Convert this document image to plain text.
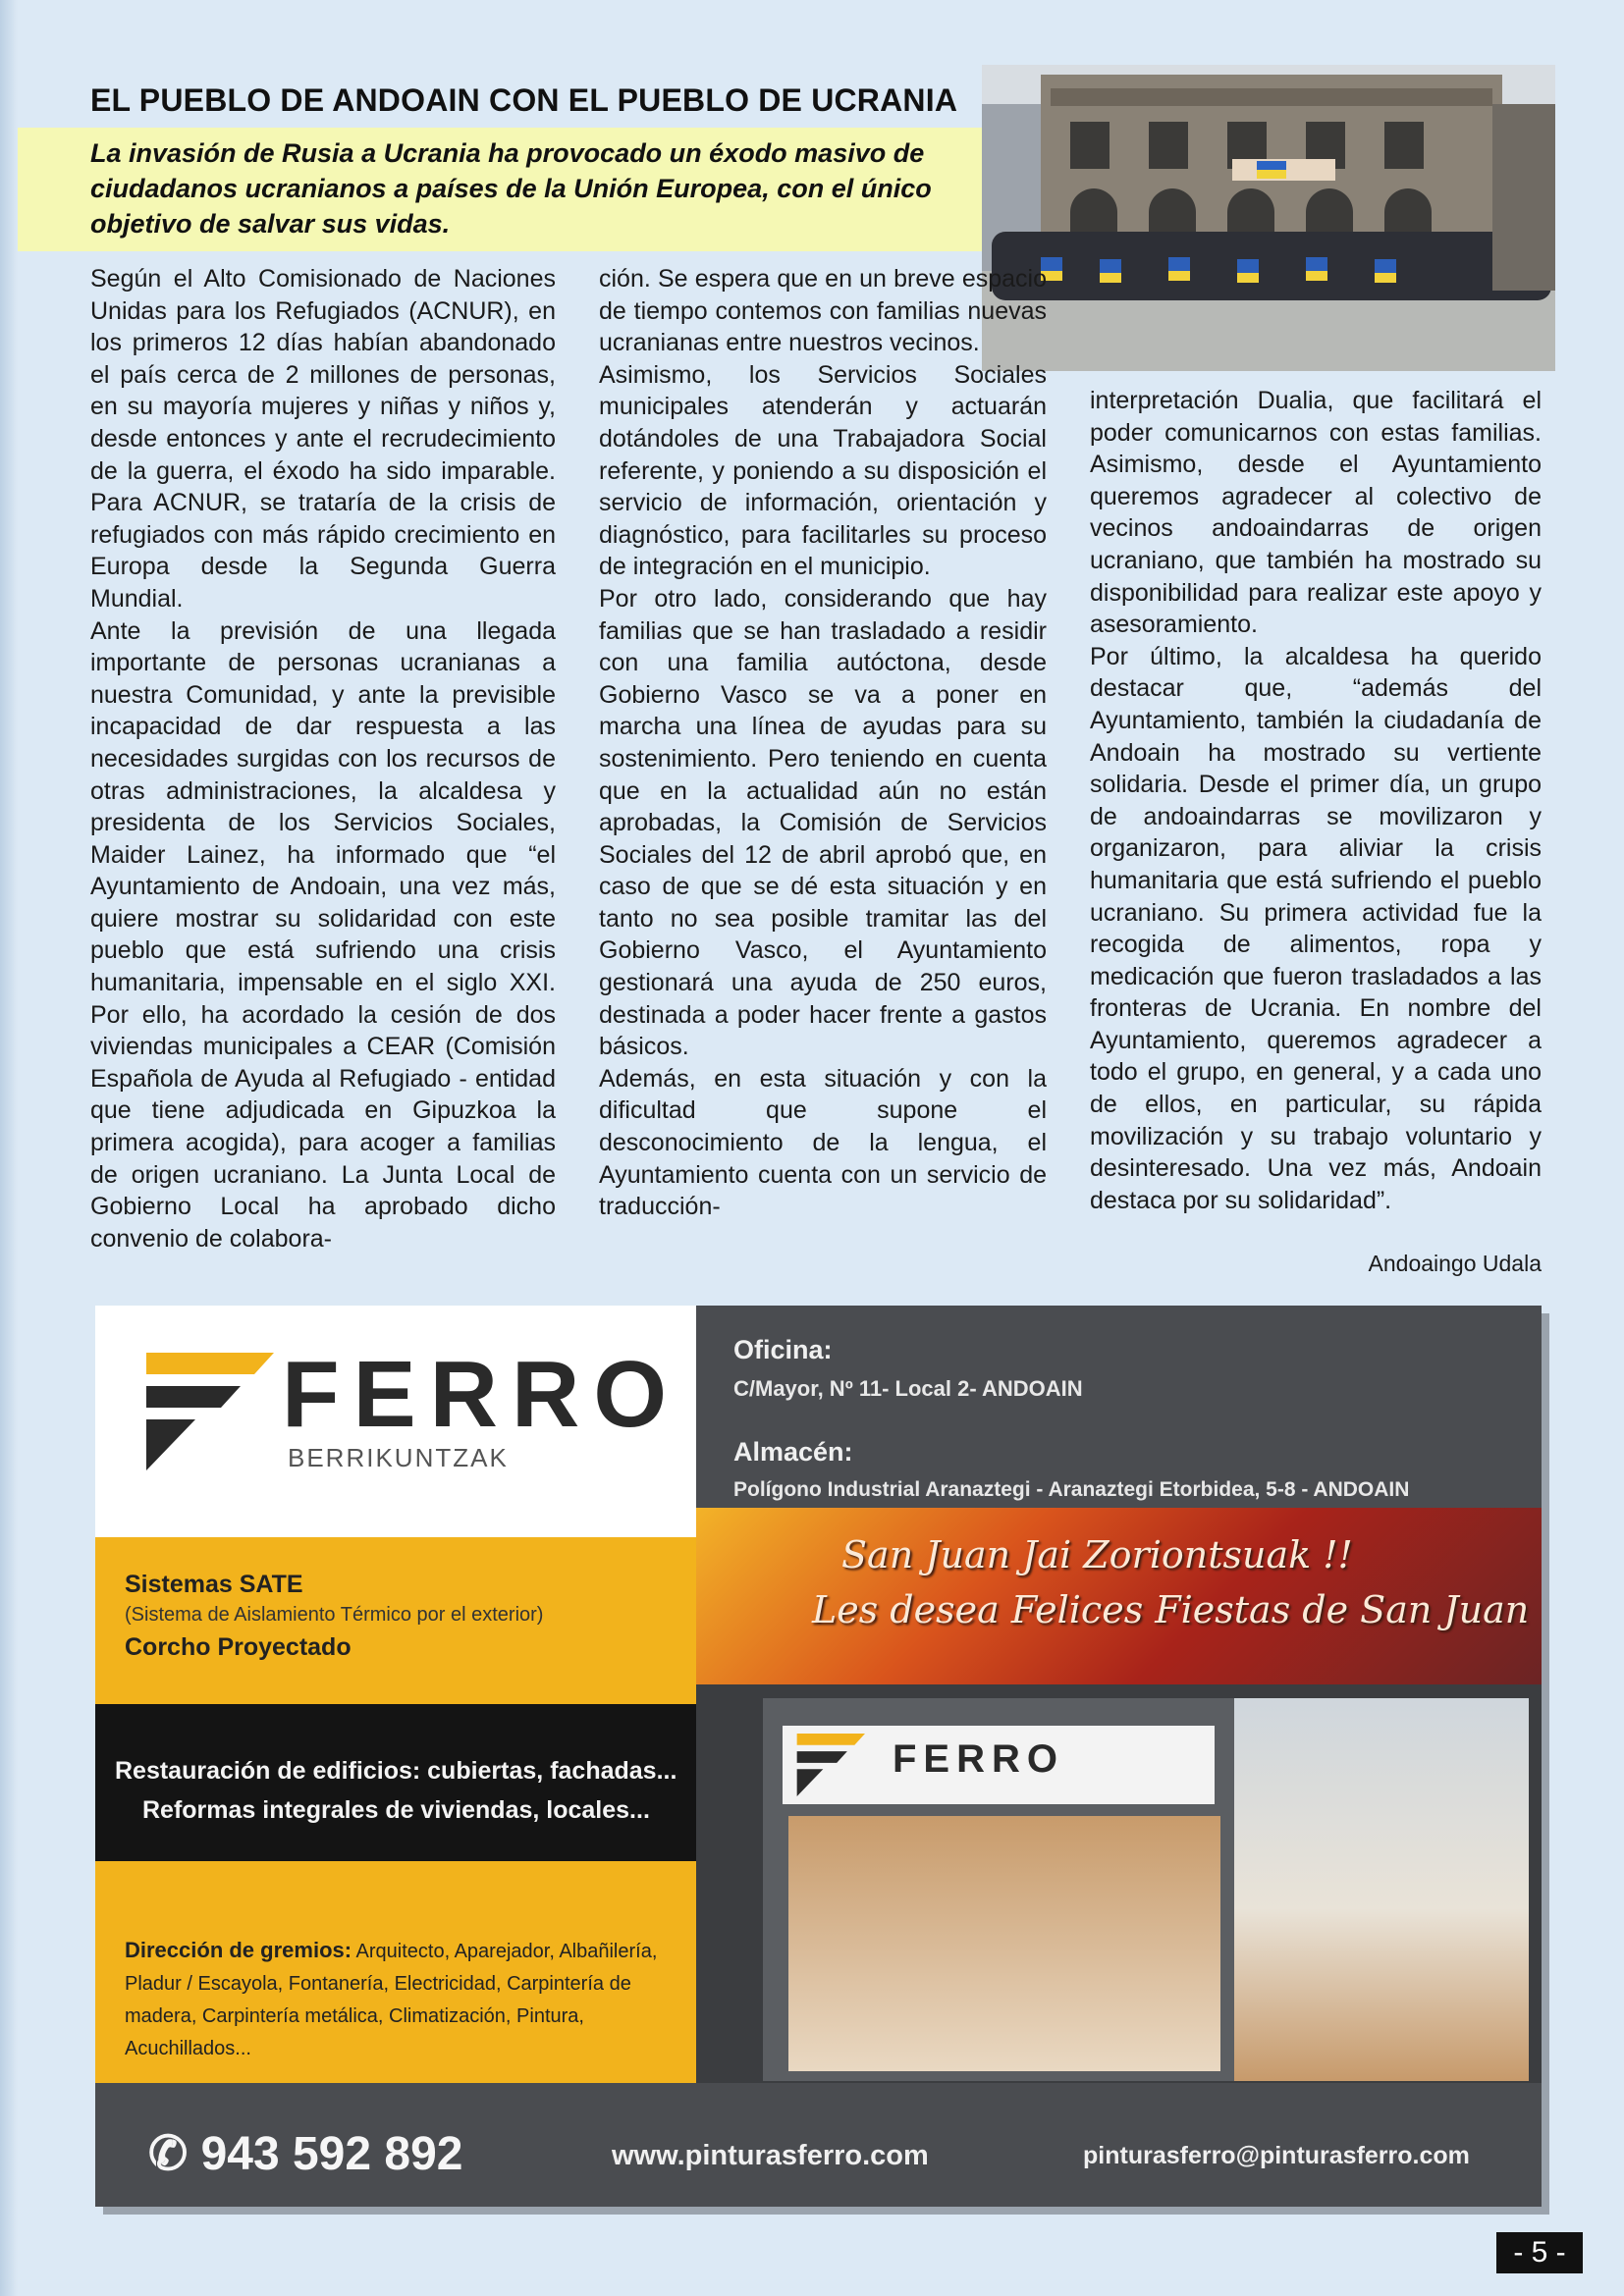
EL PUEBLO DE ANDOAIN CON EL PUEBLO DE UCRANIA
La invasión de Rusia a Ucrania ha provocado un éxodo masivo de ciudadanos ucranianos a países de la Unión Europea, con el único objetivo de salvar sus vidas.

Según el Alto Comisionado de Naciones Unidas para los Refugiados (ACNUR), en los primeros 12 días habían abandonado el país cerca de 2 millones de personas, en su mayoría mujeres y niñas y niños y, desde entonces y ante el recrudecimiento de la guerra, el éxodo ha sido imparable. Para ACNUR, se trataría de la crisis de refugiados con más rápido crecimiento en Europa desde la Segunda Guerra Mundial.

Ante la previsión de una llegada importante de personas ucranianas a nuestra Comunidad, y ante la previsible incapacidad de dar respuesta a las necesidades surgidas con los recursos de otras administraciones, la alcaldesa y presidenta de los Servicios Sociales, Maider Lainez, ha informado que “el Ayuntamiento de Andoain, una vez más, quiere mostrar su solidaridad con este pueblo que está sufriendo una crisis humanitaria, impensable en el siglo XXI. Por ello, ha acordado la cesión de dos viviendas municipales a CEAR (Comisión Española de Ayuda al Refugiado - entidad que tiene adjudicada en Gipuzkoa la primera acogida), para acoger a familias de origen ucraniano. La Junta Local de Gobierno Local ha aprobado dicho convenio de colabora-

ción. Se espera que en un breve espacio de tiempo contemos con familias nuevas ucranianas entre nuestros vecinos.

Asimismo, los Servicios Sociales municipales atenderán y actuarán dotándoles de una Trabajadora Social referente, y poniendo a su disposición el servicio de información, orientación y diagnóstico, para facilitarles su proceso de integración en el municipio.

Por otro lado, considerando que hay familias que se han trasladado a residir con una familia autóctona, desde Gobierno Vasco se va a poner en marcha una línea de ayudas para su sostenimiento. Pero teniendo en cuenta que en la actualidad aún no están aprobadas, la Comisión de Servicios Sociales del 12 de abril aprobó que, en caso de que se dé esta situación y en tanto no sea posible tramitar las del Gobierno Vasco, el Ayuntamiento gestionará una ayuda de 250 euros, destinada a poder hacer frente a gastos básicos.

Además, en esta situación y con la dificultad que supone el desconocimiento de la lengua, el Ayuntamiento cuenta con un servicio de traducción-

interpretación Dualia, que facilitará el poder comunicarnos con estas familias. Asimismo, desde el Ayuntamiento queremos agradecer al colectivo de vecinos andoaindarras de origen ucraniano, que también ha mostrado su disponibilidad para realizar este apoyo y asesoramiento.

Por último, la alcaldesa ha querido destacar que, “además del Ayuntamiento, también la ciudadanía de Andoain ha mostrado su vertiente solidaria. Desde el primer día, un grupo de andoaindarras se movilizaron y organizaron, para aliviar la crisis humanitaria que está sufriendo el pueblo ucraniano. Su primera actividad fue la recogida de alimentos, ropa y medicación que fueron trasladados a las fronteras de Ucrania. En nombre del Ayuntamiento, queremos agradecer a todo el grupo, en general, y a cada uno de ellos, en particular, su rápida movilización y su trabajo voluntario y desinteresado. Una vez más, Andoain destaca por su solidaridad”.

Andoaingo Udala
FERRO
BERRIKUNTZAK
Sistemas SATE
(Sistema de Aislamiento Térmico por el exterior)
Corcho Proyectado
Restauración de edificios: cubiertas, fachadas...
Reformas integrales de viviendas, locales...
Dirección de gremios: Arquitecto, Aparejador, Albañilería, Pladur / Escayola, Fontanería, Electricidad, Carpintería de madera, Carpintería metálica, Climatización, Pintura, Acuchillados...
Oficina:
C/Mayor, Nº 11- Local 2- ANDOAIN
Almacén:
Polígono Industrial Aranaztegi - Aranaztegi Etorbidea, 5-8 - ANDOAIN
San Juan Jai Zoriontsuak !!
Les desea Felices Fiestas de San Juan
FERRO
✆ 943 592 892	www.pinturasferro.com	pinturasferro@pinturasferro.com
- 5 -
